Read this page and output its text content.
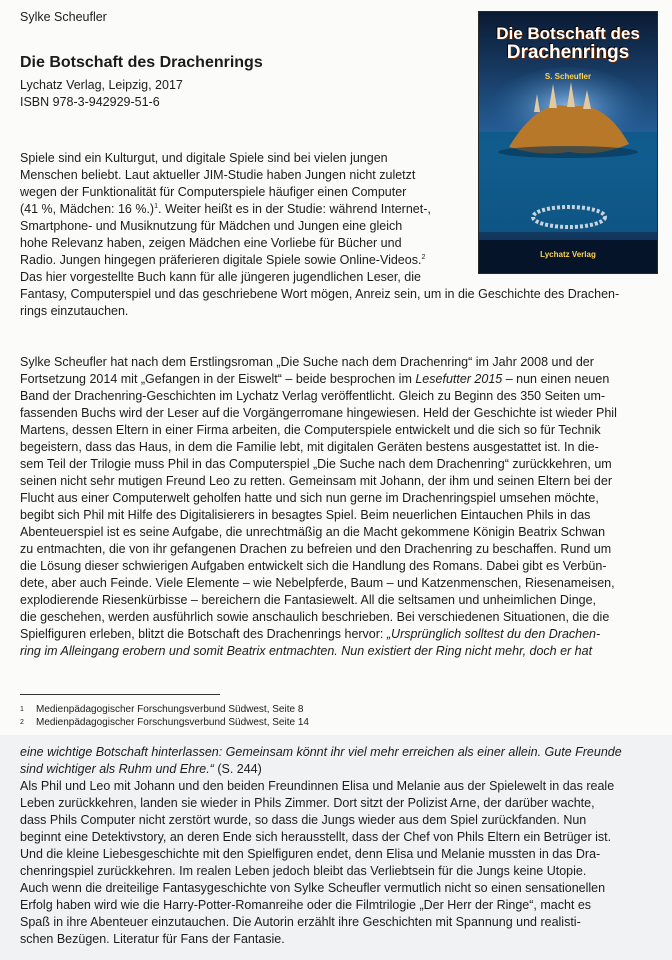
Sylke Scheufler
Die Botschaft des Drachenrings
Lychatz Verlag, Leipzig, 2017
ISBN 978-3-942929-51-6
Die Botschaft des
Drachenrings
S. Scheufler
Lychatz Verlag
Spiele sind ein Kulturgut, und digitale Spiele sind bei vielen jungen
Menschen beliebt. Laut aktueller JIM-Studie haben Jungen nicht zuletzt
wegen der Funktionalität für Computerspiele häufiger einen Computer
(41 %, Mädchen: 16 %.)$^1$. Weiter heißt es in der Studie: während Internet-,
Smartphone- und Musiknutzung für Mädchen und Jungen eine gleich
hohe Relevanz haben, zeigen Mädchen eine Vorliebe für Bücher und
Radio. Jungen hingegen präferieren digitale Spiele sowie Online-Videos.$^2$
Das hier vorgestellte Buch kann für alle jüngeren jugendlichen Leser, die
Fantasy, Computerspiel und das geschriebene Wort mögen, Anreiz sein, um in die Geschichte des Drachen-
rings einzutauchen.
Sylke Scheufler hat nach dem Erstlingsroman „Die Suche nach dem Drachenring“ im Jahr 2008 und der
Fortsetzung 2014 mit „Gefangen in der Eiswelt“ – beide besprochen im Lesefutter 2015 – nun einen neuen
Band der Drachenring-Geschichten im Lychatz Verlag veröffentlicht. Gleich zu Beginn des 350 Seiten um-
fassenden Buchs wird der Leser auf die Vorgängerromane hingewiesen. Held der Geschichte ist wieder Phil
Martens, dessen Eltern in einer Firma arbeiten, die Computerspiele entwickelt und die sich so für Technik
begeistern, dass das Haus, in dem die Familie lebt, mit digitalen Geräten bestens ausgestattet ist. In die-
sem Teil der Trilogie muss Phil in das Computerspiel „Die Suche nach dem Drachenring“ zurückkehren, um
seinen nicht sehr mutigen Freund Leo zu retten. Gemeinsam mit Johann, der ihm und seinen Eltern bei der
Flucht aus einer Computerwelt geholfen hatte und sich nun gerne im Drachenringspiel umsehen möchte,
begibt sich Phil mit Hilfe des Digitalisierers in besagtes Spiel. Beim neuerlichen Eintauchen Phils in das
Abenteuerspiel ist es seine Aufgabe, die unrechtmäßig an die Macht gekommene Königin Beatrix Schwan
zu entmachten, die von ihr gefangenen Drachen zu befreien und den Drachenring zu beschaffen. Rund um
die Lösung dieser schwierigen Aufgaben entwickelt sich die Handlung des Romans. Dabei gibt es Verbün-
dete, aber auch Feinde. Viele Elemente – wie Nebelpferde, Baum – und Katzenmenschen, Riesenameisen,
explodierende Riesenkürbisse – bereichern die Fantasiewelt. All die seltsamen und unheimlichen Dinge,
die geschehen, werden ausführlich sowie anschaulich beschrieben. Bei verschiedenen Situationen, die die
Spielfiguren erleben, blitzt die Botschaft des Drachenrings hervor: „Ursprünglich solltest du den Drachen-
ring im Alleingang erobern und somit Beatrix entmachten. Nun existiert der Ring nicht mehr, doch er hat
1 Medienpädagogischer Forschungsverbund Südwest, Seite 8
2 Medienpädagogischer Forschungsverbund Südwest, Seite 14
eine wichtige Botschaft hinterlassen: Gemeinsam könnt ihr viel mehr erreichen als einer allein. Gute Freunde
sind wichtiger als Ruhm und Ehre.“ (S. 244)
Als Phil und Leo mit Johann und den beiden Freundinnen Elisa und Melanie aus der Spielewelt in das reale
Leben zurückkehren, landen sie wieder in Phils Zimmer. Dort sitzt der Polizist Arne, der darüber wachte,
dass Phils Computer nicht zerstört wurde, so dass die Jungs wieder aus dem Spiel zurückfanden. Nun
beginnt eine Detektivstory, an deren Ende sich herausstellt, dass der Chef von Phils Eltern ein Betrüger ist.
Und die kleine Liebesgeschichte mit den Spielfiguren endet, denn Elisa und Melanie mussten in das Dra-
chenringspiel zurückkehren. Im realen Leben jedoch bleibt das Verliebtsein für die Jungs keine Utopie.
Auch wenn die dreiteilige Fantasygeschichte von Sylke Scheufler vermutlich nicht so einen sensationellen
Erfolg haben wird wie die Harry-Potter-Romanreihe oder die Filmtrilogie „Der Herr der Ringe“, macht es
Spaß in ihre Abenteuer einzutauchen. Die Autorin erzählt ihre Geschichten mit Spannung und realisti-
schen Bezügen. Literatur für Fans der Fantasie.
